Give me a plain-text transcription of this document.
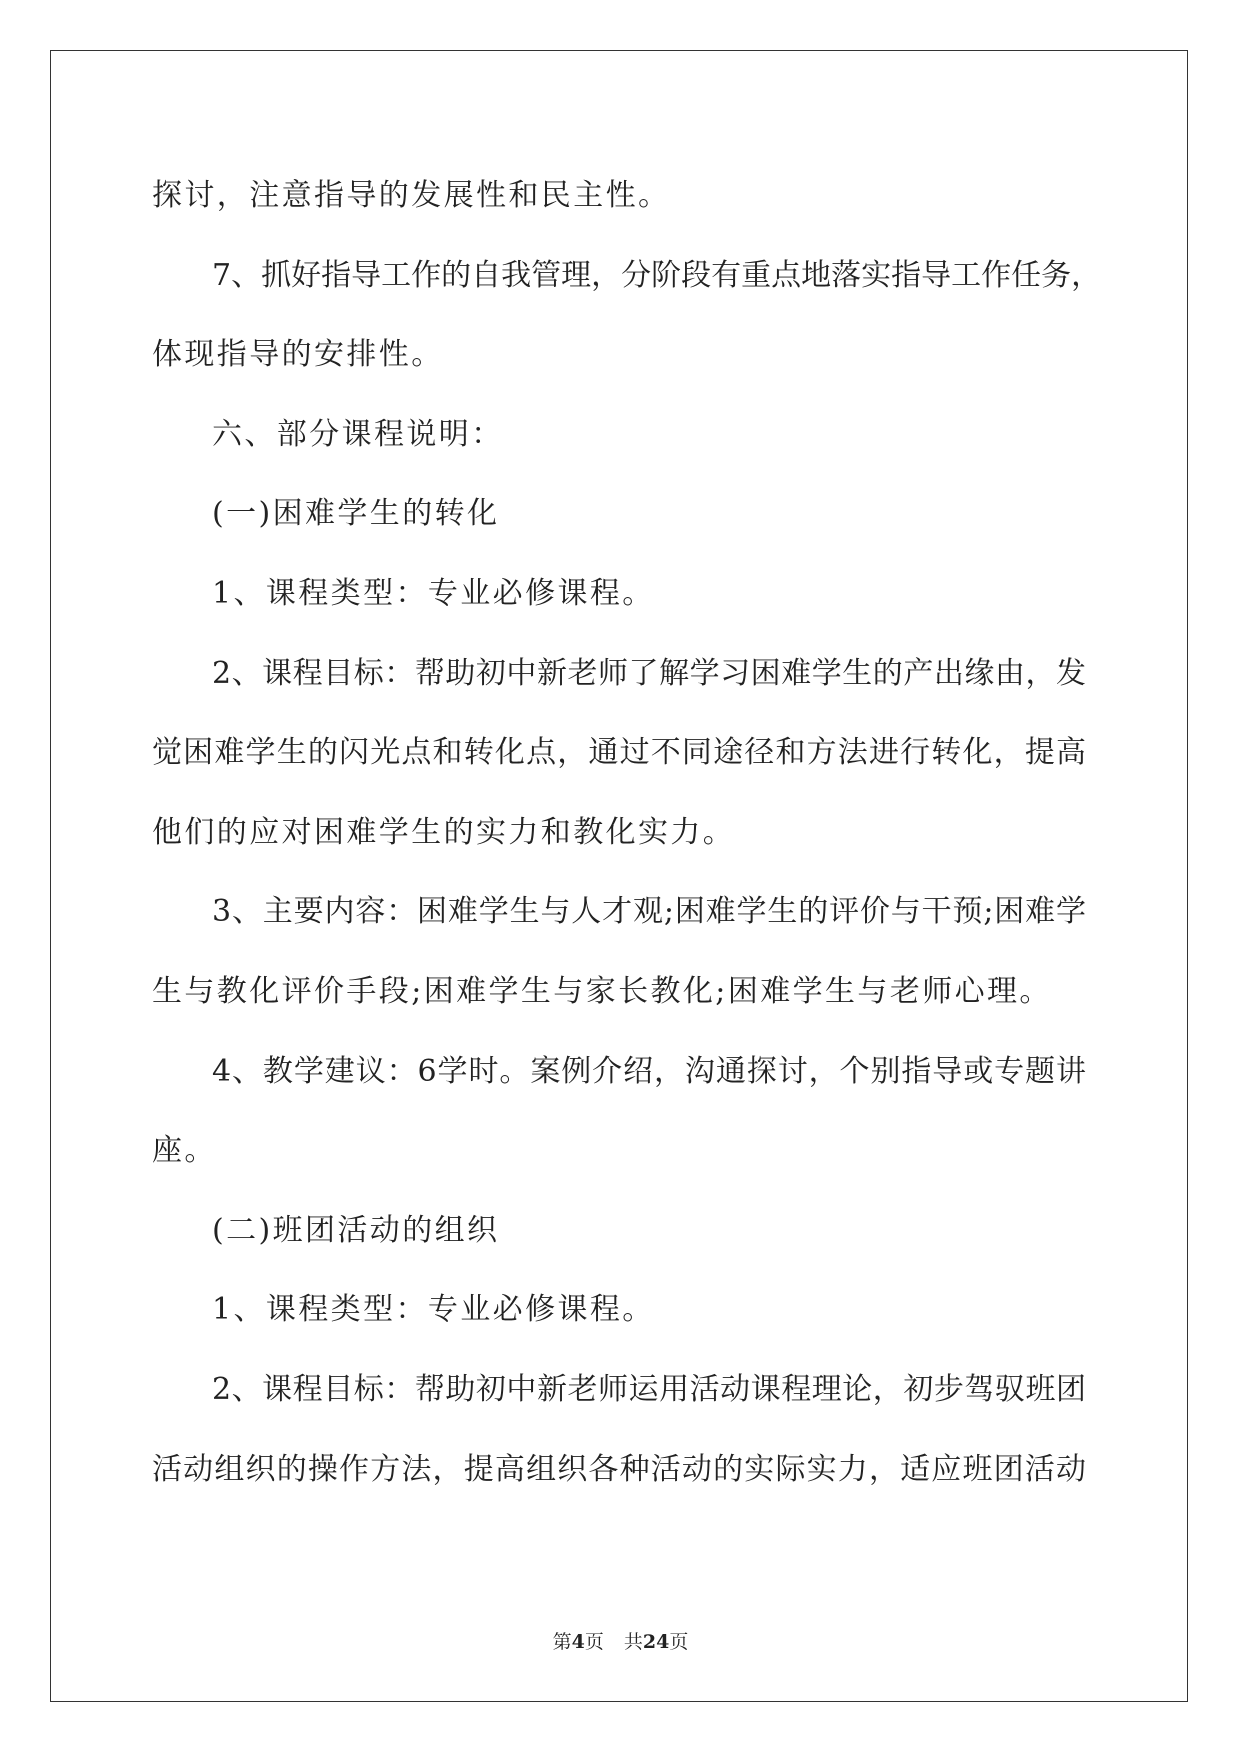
探讨，注意指导的发展性和民主性。
7、抓好指导工作的自我管理，分阶段有重点地落实指导工作任务，
体现指导的安排性。
六、部分课程说明：
(一)困难学生的转化
1、课程类型：专业必修课程。
2、课程目标：帮助初中新老师了解学习困难学生的产出缘由，发
觉困难学生的闪光点和转化点，通过不同途径和方法进行转化，提高
他们的应对困难学生的实力和教化实力。
3、主要内容：困难学生与人才观;困难学生的评价与干预;困难学
生与教化评价手段;困难学生与家长教化;困难学生与老师心理。
4、教学建议：6学时。案例介绍，沟通探讨，个别指导或专题讲
座。
(二)班团活动的组织
1、课程类型：专业必修课程。
2、课程目标：帮助初中新老师运用活动课程理论，初步驾驭班团
活动组织的操作方法，提高组织各种活动的实际实力，适应班团活动
第4页 共24页
